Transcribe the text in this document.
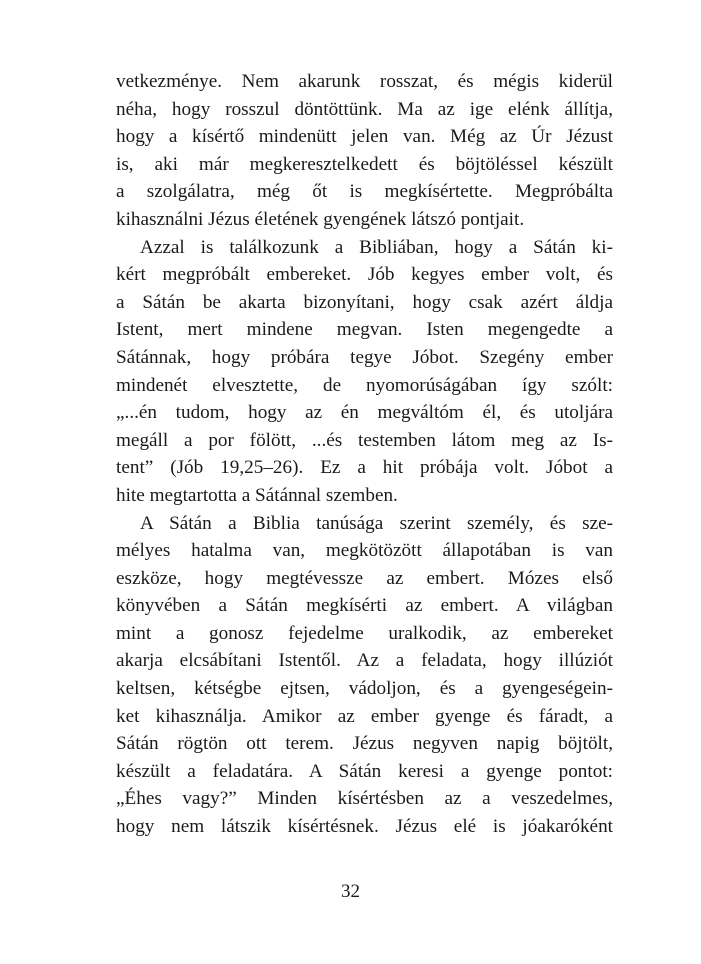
vetkezménye. Nem akarunk rosszat, és mégis kiderül
néha, hogy rosszul döntöttünk. Ma az ige elénk állítja,
hogy a kísértő mindenütt jelen van. Még az Úr Jézust
is, aki már megkeresztelkedett és böjtöléssel készült
a szolgálatra, még őt is megkísértette. Megpróbálta
kihasználni Jézus életének gyengének látszó pontjait.
Azzal is találkozunk a Bibliában, hogy a Sátán ki-
kért megpróbált embereket. Jób kegyes ember volt, és
a Sátán be akarta bizonyítani, hogy csak azért áldja
Istent, mert mindene megvan. Isten megengedte a
Sátánnak, hogy próbára tegye Jóbot. Szegény ember
mindenét elvesztette, de nyomorúságában így szólt:
„...én tudom, hogy az én megváltóm él, és utoljára
megáll a por fölött, ...és testemben látom meg az Is-
tent” (Jób 19,25–26). Ez a hit próbája volt. Jóbot a
hite megtartotta a Sátánnal szemben.
A Sátán a Biblia tanúsága szerint személy, és sze-
mélyes hatalma van, megkötözött állapotában is van
eszköze, hogy megtévessze az embert. Mózes első
könyvében a Sátán megkísérti az embert. A világban
mint a gonosz fejedelme uralkodik, az embereket
akarja elcsábítani Istentől. Az a feladata, hogy illúziót
keltsen, kétségbe ejtsen, vádoljon, és a gyengeségein-
ket kihasználja. Amikor az ember gyenge és fáradt, a
Sátán rögtön ott terem. Jézus negyven napig böjtölt,
készült a feladatára. A Sátán keresi a gyenge pontot:
„Éhes vagy?” Minden kísértésben az a veszedelmes,
hogy nem látszik kísértésnek. Jézus elé is jóakaróként
32
